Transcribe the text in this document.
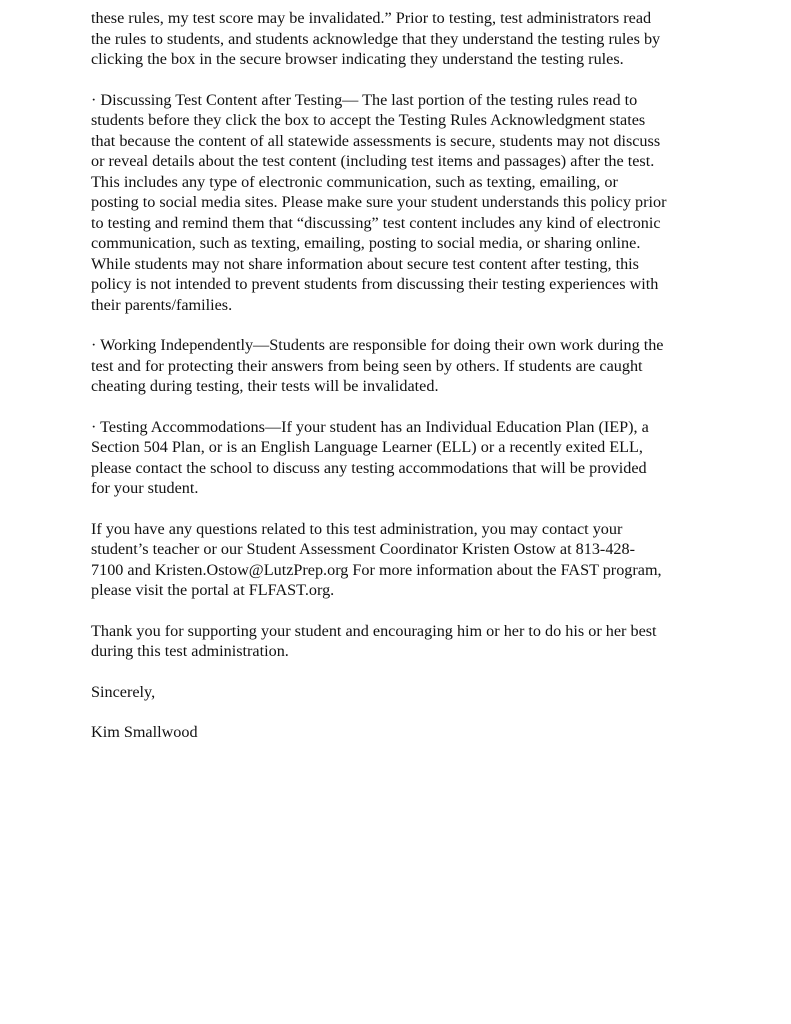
these rules, my test score may be invalidated.” Prior to testing, test administrators read
the rules to students, and students acknowledge that they understand the testing rules by
clicking the box in the secure browser indicating they understand the testing rules.

· Discussing Test Content after Testing— The last portion of the testing rules read to
students before they click the box to accept the Testing Rules Acknowledgment states
that because the content of all statewide assessments is secure, students may not discuss
or reveal details about the test content (including test items and passages) after the test.
This includes any type of electronic communication, such as texting, emailing, or
posting to social media sites. Please make sure your student understands this policy prior
to testing and remind them that “discussing” test content includes any kind of electronic
communication, such as texting, emailing, posting to social media, or sharing online.
While students may not share information about secure test content after testing, this
policy is not intended to prevent students from discussing their testing experiences with
their parents/families.

· Working Independently—Students are responsible for doing their own work during the
test and for protecting their answers from being seen by others. If students are caught
cheating during testing, their tests will be invalidated.

· Testing Accommodations—If your student has an Individual Education Plan (IEP), a
Section 504 Plan, or is an English Language Learner (ELL) or a recently exited ELL,
please contact the school to discuss any testing accommodations that will be provided
for your student.

If you have any questions related to this test administration, you may contact your
student’s teacher or our Student Assessment Coordinator Kristen Ostow at 813-428-
7100 and Kristen.Ostow@LutzPrep.org For more information about the FAST program,
please visit the portal at FLFAST.org.

Thank you for supporting your student and encouraging him or her to do his or her best
during this test administration.

Sincerely,

Kim Smallwood
